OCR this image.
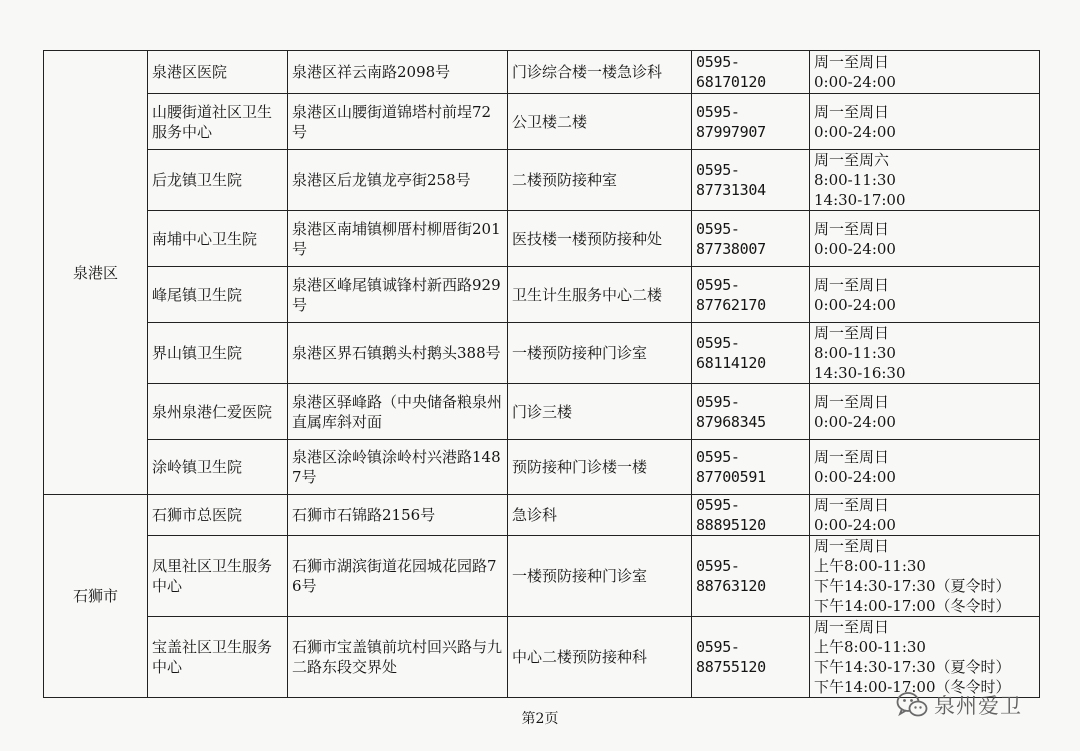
泉港区	泉港区医院	泉港区祥云南路2098号	门诊综合楼一楼急诊科	0595-68170120	周一至周日
0:00-24:00

	山腰街道社区卫生服务中心	泉港区山腰街道锦塔村前埕72号	公卫楼二楼	0595-87997907	周一至周日
0:00-24:00

	后龙镇卫生院	泉港区后龙镇龙亭街258号	二楼预防接种室	0595-87731304	周一至周六
8:00-11:30
14:30-17:00

	南埔中心卫生院	泉港区南埔镇柳厝村柳厝街201号	医技楼一楼预防接种处	0595-87738007	周一至周日
0:00-24:00

	峰尾镇卫生院	泉港区峰尾镇诚锋村新西路929号	卫生计生服务中心二楼	0595-87762170	周一至周日
0:00-24:00

	界山镇卫生院	泉港区界石镇鹅头村鹅头388号	一楼预防接种门诊室	0595-68114120	周一至周日
8:00-11:30
14:30-16:30

	泉州泉港仁爱医院	泉港区驿峰路（中央储备粮泉州直属库斜对面	门诊三楼	0595-87968345	周一至周日
0:00-24:00

	涂岭镇卫生院	泉港区涂岭镇涂岭村兴港路1487号	预防接种门诊楼一楼	0595-87700591	周一至周日
0:00-24:00

石狮市	石狮市总医院	石狮市石锦路2156号	急诊科	0595-88895120	周一至周日
0:00-24:00

	凤里社区卫生服务中心	石狮市湖滨街道花园城花园路76号	一楼预防接种门诊室	0595-88763120	周一至周日
上午8:00-11:30
下午14:30-17:30（夏令时）
下午14:00-17:00（冬令时）

	宝盖社区卫生服务中心	石狮市宝盖镇前坑村回兴路与九二路东段交界处	中心二楼预防接种科	0595-88755120	周一至周日
上午8:00-11:30
下午14:30-17:30（夏令时）
下午14:00-17:00（冬令时）
第2页
泉州爱卫
